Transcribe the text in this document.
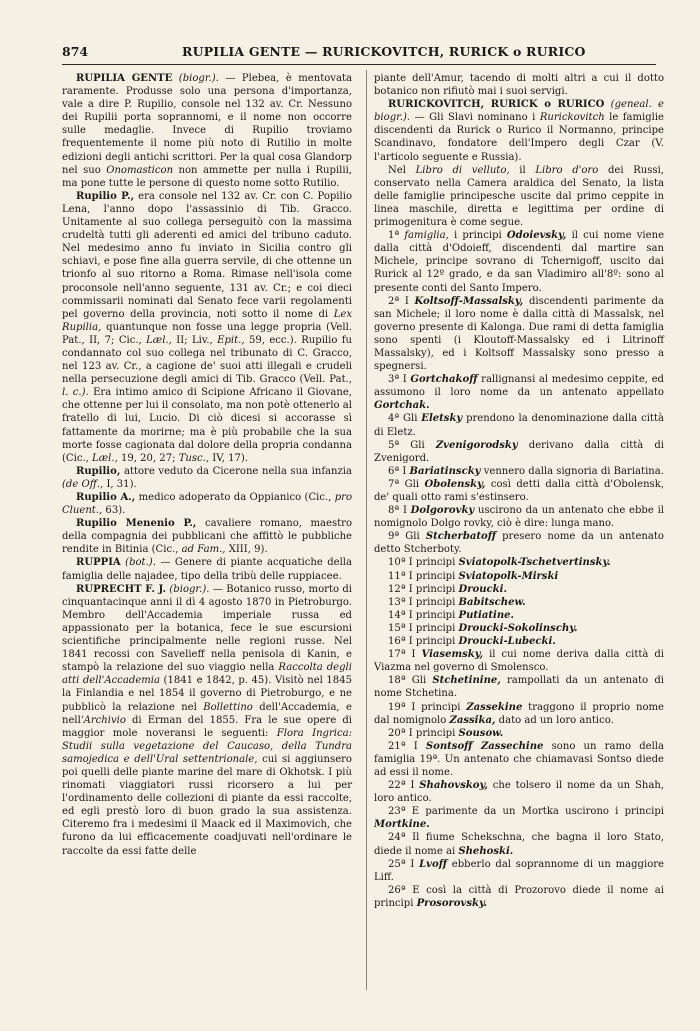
874	RUPILIA GENTE — RURICKOVITCH, RURICK o RURICO

RUPILIA GENTE (biogr.). — Plebea, è mentovata raramente. Produsse solo una persona d'importanza, vale a dire P. Rupilio, console nel 132 av. Cr. Nessuno dei Rupilii porta soprannomi, e il nome non occorre sulle medaglie. Invece di Rupilio troviamo frequentemente il nome più noto di Rutilio in molte edizioni degli antichi scrittori. Per la qual cosa Glandorp nel suo Onomasticon non ammette per nulla i Rupilii, ma pone tutte le persone di questo nome sotto Rutilio.

Rupilio P., era console nel 132 av. Cr. con C. Popilio Lena, l'anno dopo l'assassinio di Tib. Gracco. Unitamente al suo collega perseguitò con la massima crudeltà tutti gli aderenti ed amici del tribuno caduto. Nel medesimo anno fu inviato in Sicilia contro gli schiavi, e pose fine alla guerra servile, di che ottenne un trionfo al suo ritorno a Roma. Rimase nell'isola come proconsole nell'anno seguente, 131 av. Cr.; e coi dieci commissarii nominati dal Senato fece varii regolamenti pel governo della provincia, noti sotto il nome di Lex Rupilia, quantunque non fosse una legge propria (Vell. Pat., II, 7; Cic., Læl., II; Liv., Epit., 59, ecc.). Rupilio fu condannato col suo collega nel tribunato di C. Gracco, nel 123 av. Cr., a cagione de' suoi atti illegali e crudeli nella persecuzione degli amici di Tib. Gracco (Vell. Pat., l. c.). Era intimo amico di Scipione Africano il Giovane, che ottenne per lui il consolato, ma non potè ottenerlo al fratello di lui, Lucio. Di ciò dicesi si accorasse sì fattamente da morirne; ma è più probabile che la sua morte fosse cagionata dal dolore della propria condanna (Cic., Læl., 19, 20, 27; Tusc., IV, 17).

Rupilio, attore veduto da Cicerone nella sua infanzia (de Off., I, 31).

Rupilio A., medico adoperato da Oppianico (Cic., pro Cluent., 63).

Rupilio Menenio P., cavaliere romano, maestro della compagnia dei pubblicani che affittò le pubbliche rendite in Bitinia (Cic., ad Fam., XIII, 9).

RUPPIA (bot.). — Genere di piante acquatiche della famiglia delle najadee, tipo della tribù delle ruppiacee.

RUPRECHT F. J. (biogr.). — Botanico russo, morto di cinquantacinque anni il dì 4 agosto 1870 in Pietroburgo. Membro dell'Accademia imperiale russa ed appassionato per la botanica, fece le sue escursioni scientifiche principalmente nelle regioni russe. Nel 1841 recossi con Savelieff nella penisola di Kanin, e stampò la relazione del suo viaggio nella Raccolta degli atti dell'Accademia (1841 e 1842, p. 45). Visitò nel 1845 la Finlandia e nel 1854 il governo di Pietroburgo, e ne pubblicò la relazione nel Bollettino dell'Accademia, e nell'Archivio di Erman del 1855. Fra le sue opere di maggior mole noveransi le seguenti: Flora Ingrica: Studii sulla vegetazione del Caucaso, della Tundra samojedica e dell'Ural settentrionale, cui si aggiunsero poi quelli delle piante marine del mare di Okhotsk. I più rinomati viaggiatori russi ricorsero a lui per l'ordinamento delle collezioni di piante da essi raccolte, ed egli prestò loro di buon grado la sua assistenza. Citeremo fra i medesimi il Maack ed il Maximovich, che furono da lui efficacemente coadjuvati nell'ordinare le raccolte da essi fatte delle

piante dell'Amur, tacendo di molti altri a cui il dotto botanico non rifiutò mai i suoi servigi.

RURICKOVITCH, RURICK o RURICO (geneal. e biogr.). — Gli Slavi nominano i Rurickovitch le famiglie discendenti da Rurick o Rurico il Normanno, principe Scandinavo, fondatore dell'Impero degli Czar (V. l'articolo seguente e Russia).

Nel Libro di velluto, il Libro d'oro dei Russi, conservato nella Camera araldica del Senato, la lista delle famiglie principesche uscite dal primo ceppite in linea maschile, diretta e legittima per ordine di primogenitura è come segue.

1ª famiglia, i principi Odoievsky, il cui nome viene dalla città d'Odoieff, discendenti dal martire san Michele, principe sovrano di Tchernigoff, uscito dai Rurick al 12º grado, e da san Vladimiro all'8º: sono al presente conti del Santo Impero.

2ª I Koltsoff-Massalsky, discendenti parimente da san Michele; il loro nome è dalla città di Massalsk, nel governo presente di Kalonga. Due rami di detta famiglia sono spenti (i Kloutoff-Massalsky ed i Litrinoff Massalsky), ed i Koltsoff Massalsky sono presso a spegnersi.

3ª I Gortchakoff rallignansi al medesimo ceppite, ed assumono il loro nome da un antenato appellato Gortchak.

4ª Gli Eletsky prendono la denominazione dalla città di Eletz.

5ª Gli Zvenigorodsky derivano dalla città di Zvenigord.

6ª I Bariatinscky vennero dalla signoria di Bariatina.

7ª Gli Obolensky, così detti dalla città d'Obolensk, de' quali otto rami s'estinsero.

8ª I Dolgorovky uscirono da un antenato che ebbe il nomignolo Dolgo rovky, ciò è dire: lunga mano.

9ª Gli Stcherbatoff presero nome da un antenato detto Stcherboty.

10ª I principi Sviatopolk-Tschetvertinsky.

11ª I principi Sviatopolk-Mirski

12ª I principi Droucki.

13ª I principi Babitschew.

14ª I principi Putiatine.

15ª I principi Droucki-Sokolinschy.

16ª I principi Droucki-Lubecki.

17ª I Viasemsky, il cui nome deriva dalla città di Viazma nel governo di Smolensco.

18ª Gli Stchetinine, rampollati da un antenato di nome Stchetina.

19ª I principi Zassekine traggono il proprio nome dal nomignolo Zassika, dato ad un loro antico.

20ª I principi Sousow.

21ª I Sontsoff Zassechine sono un ramo della famiglia 19ª. Un antenato che chiamavasi Sontso diede ad essi il nome.

22ª I Shahovskoy, che tolsero il nome da un Shah, loro antico.

23ª E parimente da un Mortka uscirono i principi Mortkine.

24ª Il fiume Schekschna, che bagna il loro Stato, diede il nome ai Shehoski.

25ª I Lvoff ebberlo dal soprannome di un maggiore Liff.

26ª E così la città di Prozorovo diede il nome ai principi Prosorovsky.
